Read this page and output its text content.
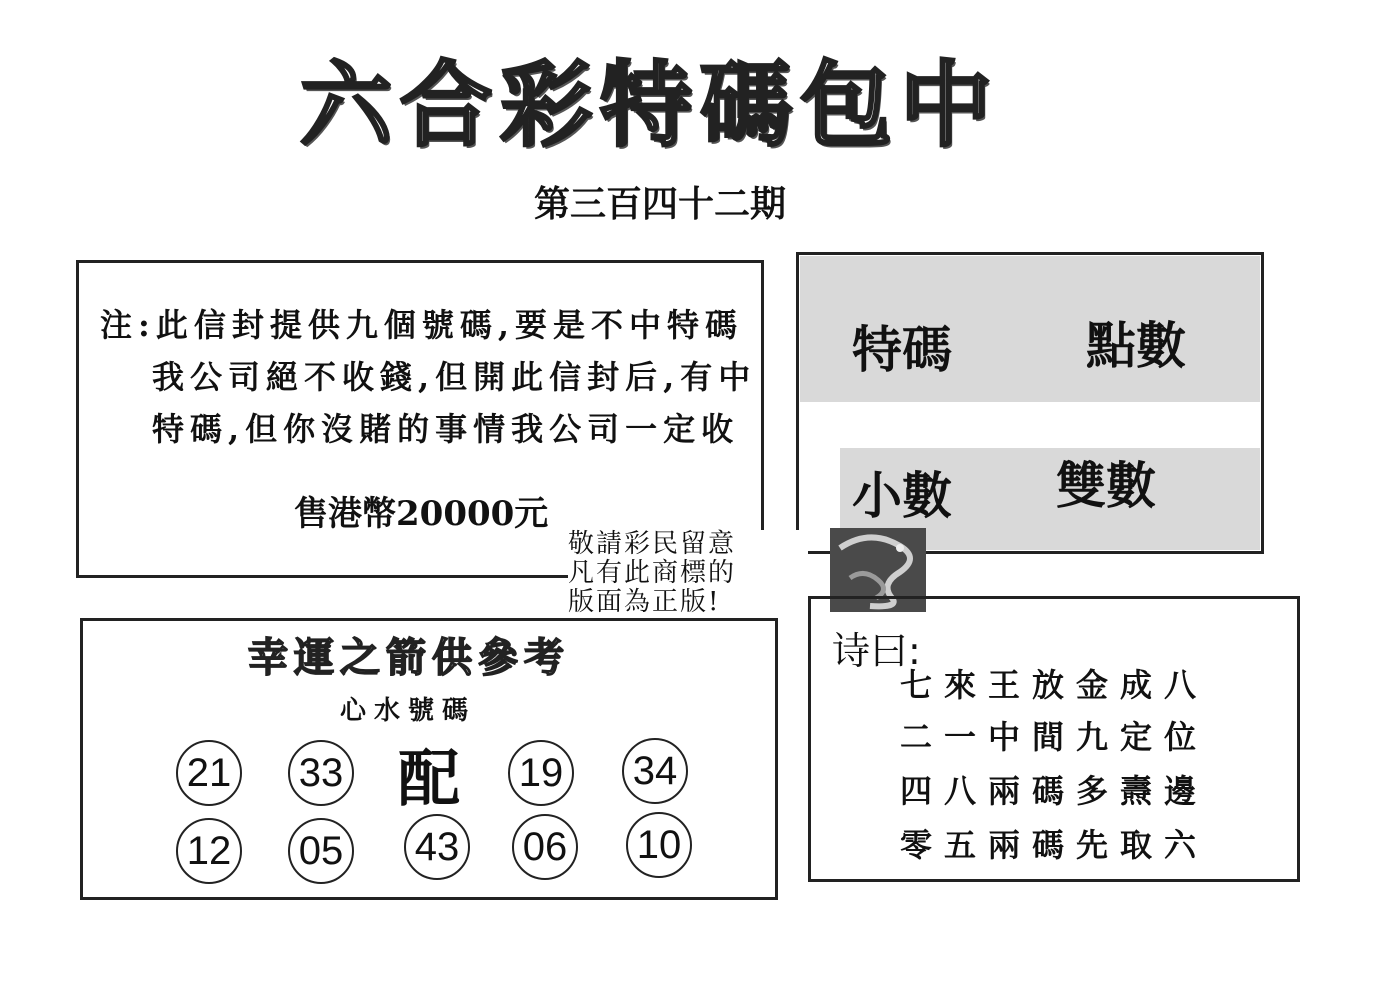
六合彩特碼包中
第三百四十二期
注:此信封提供九個號碼,要是不中特碼
我公司絕不收錢,但開此信封后,有中
特碼,但你沒賭的事情我公司一定收
售港幣20000元
特碼	點數
小數 雙數
敬請彩民留意
凡有此商標的
版面為正版!
幸運之箭供參考
心水號碼
21 33 配 19 34
12 05 43 06 10
诗曰:
七來王放金成八
二一中間九定位
四八兩碼多燾邊
零五兩碼先取六
